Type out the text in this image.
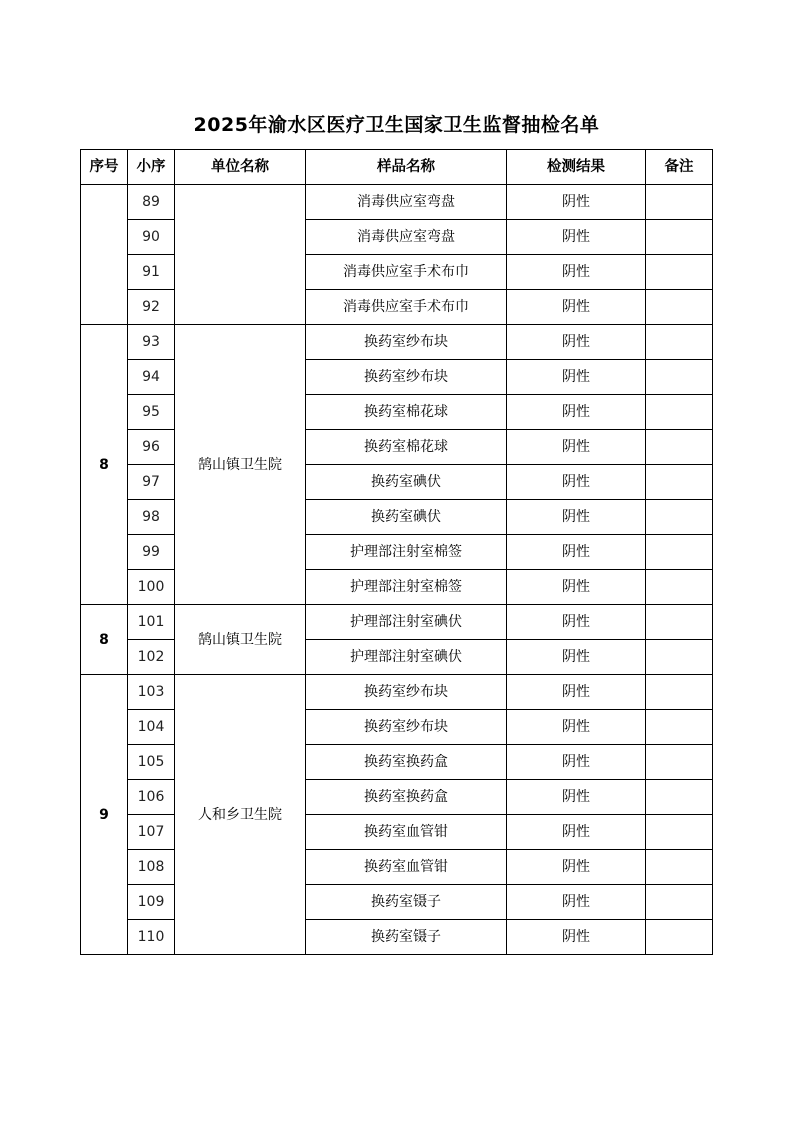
2025年渝水区医疗卫生国家卫生监督抽检名单
序号	小序	单位名称	样品名称	检测结果	备注
	89		消毒供应室弯盘	阴性	
	90		消毒供应室弯盘	阴性	
	91		消毒供应室手术布巾	阴性	
	92		消毒供应室手术布巾	阴性	
8	93	鹄山镇卫生院	换药室纱布块	阴性	
	94		换药室纱布块	阴性	
	95		换药室棉花球	阴性	
	96		换药室棉花球	阴性	
	97		换药室碘伏	阴性	
	98		换药室碘伏	阴性	
	99		护理部注射室棉签	阴性	
	100		护理部注射室棉签	阴性	
8	101	鹄山镇卫生院	护理部注射室碘伏	阴性	
	102		护理部注射室碘伏	阴性	
9	103	人和乡卫生院	换药室纱布块	阴性	
	104		换药室纱布块	阴性	
	105		换药室换药盒	阴性	
	106		换药室换药盒	阴性	
	107		换药室血管钳	阴性	
	108		换药室血管钳	阴性	
	109		换药室镊子	阴性	
	110		换药室镊子	阴性	
